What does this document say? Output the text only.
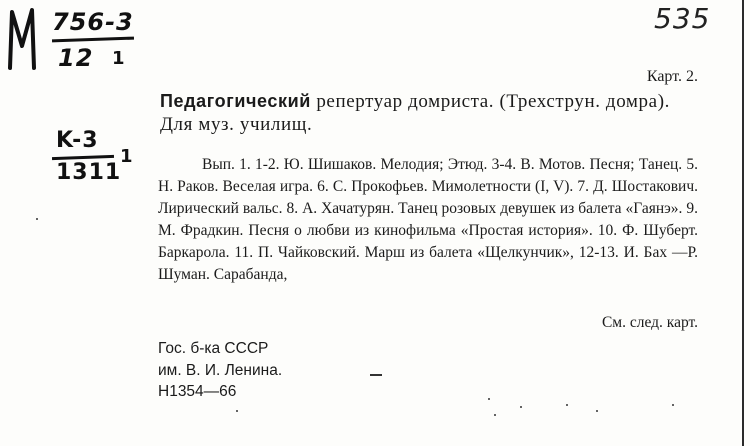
756-3
12 1
K-3
1311
1
535
Карт. 2.
Педагогический репертуар домриста. (Трехструн. домра). Для муз. училищ.
Вып. 1. 1-2. Ю. Шишаков. Мелодия; Этюд. 3-4. В. Мотов. Песня; Танец. 5. Н. Раков. Веселая игра. 6. С. Прокофьев. Мимолетности (I, V). 7. Д. Шостакович. Лирический вальс. 8. А. Хачатурян. Танец розовых девушек из балета «Гаянэ». 9. М. Фрадкин. Песня о любви из кинофильма «Простая история». 10. Ф. Шуберт. Баркарола. 11. П. Чайковский. Марш из балета «Щелкунчик», 12-13. И. Бах —Р. Шуман. Сарабанда,
См. след. карт.
Гос. б-ка СССР
им. В. И. Ленина.
Н1354—66
